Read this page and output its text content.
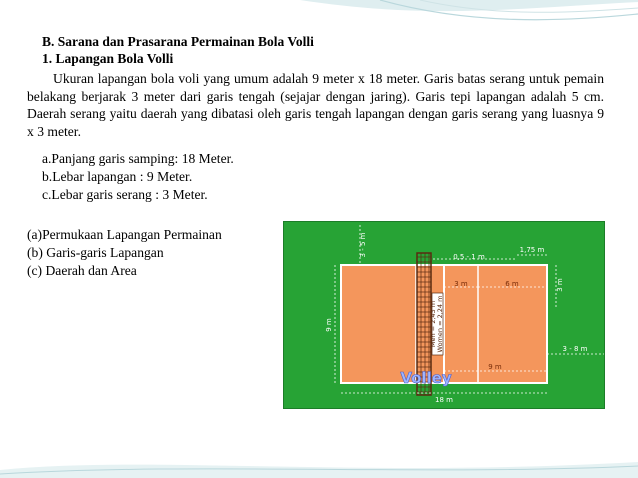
B. Sarana dan Prasarana Permainan Bola Volli
1. Lapangan Bola Volli
Ukuran lapangan bola voli yang umum adalah 9 meter x 18 meter. Garis batas serang untuk pemain belakang berjarak 3 meter dari garis tengah (sejajar dengan jaring). Garis tepi lapangan adalah 5 cm. Daerah serang yaitu daerah yang dibatasi oleh garis tengah lapangan dengan garis serang yang luasnya 9 x 3 meter.
a.Panjang garis samping: 18 Meter.
b.Lebar lapangan : 9 Meter.
c.Lebar garis serang : 3 Meter.
(a)Permukaan Lapangan Permainan
(b) Garis-garis Lapangan
(c) Daerah dan Area
3 - 5 m
9 m
0,5 - 1 m
1,75 m
3 m
3 m	6 m
3 - 8 m
9 m
18 m
Men = 2,43 m Women = 2,24 m
Volley
